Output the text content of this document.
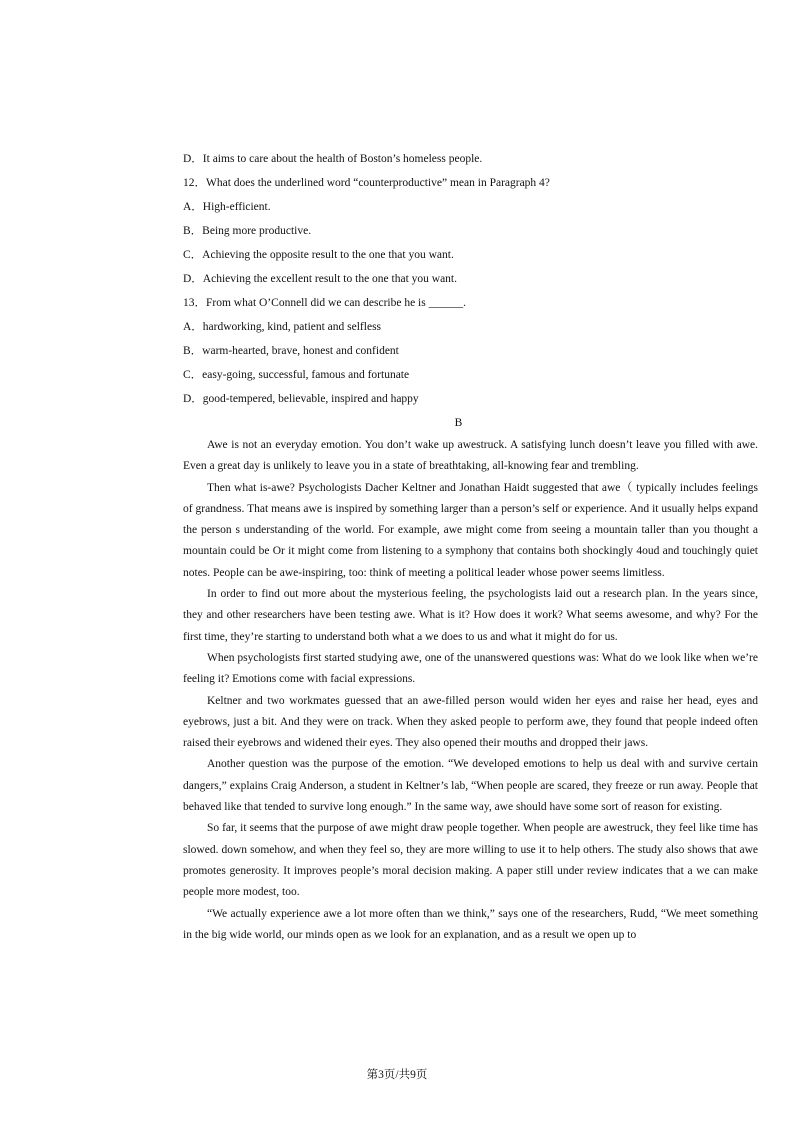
D．It aims to care about the health of Boston’s homeless people.
12．What does the underlined word “counterproductive” mean in Paragraph 4?
A．High-efficient.
B．Being more productive.
C．Achieving the opposite result to the one that you want.
D．Achieving the excellent result to the one that you want.
13．From what O’Connell did we can describe he is ______.
A．hardworking, kind, patient and selfless
B．warm-hearted, brave, honest and confident
C．easy-going, successful, famous and fortunate
D．good-tempered, believable, inspired and happy
B

Awe is not an everyday emotion. You don’t wake up awestruck. A satisfying lunch doesn’t leave you filled with awe. Even a great day is unlikely to leave you in a state of breathtaking, all-knowing fear and trembling.

Then what is-awe? Psychologists Dacher Keltner and Jonathan Haidt suggested that awe（ typically includes feelings of grandness. That means awe is inspired by something larger than a person’s self or experience. And it usually helps expand the person s understanding of the world. For example, awe might come from seeing a mountain taller than you thought a mountain could be Or it might come from listening to a symphony that contains both shockingly 4oud and touchingly quiet notes. People can be awe-inspiring, too: think of meeting a political leader whose power seems limitless.

In order to find out more about the mysterious feeling, the psychologists laid out a research plan. In the years since, they and other researchers have been testing awe. What is it? How does it work? What seems awesome, and why? For the first time, they’re starting to understand both what a we does to us and what it might do for us.

When psychologists first started studying awe, one of the unanswered questions was: What do we look like when we’re feeling it? Emotions come with facial expressions.

Keltner and two workmates guessed that an awe-filled person would widen her eyes and raise her head, eyes and eyebrows, just a bit. And they were on track. When they asked people to perform awe, they found that people indeed often raised their eyebrows and widened their eyes. They also opened their mouths and dropped their jaws.

Another question was the purpose of the emotion. “We developed emotions to help us deal with and survive certain dangers,” explains Craig Anderson, a student in Keltner’s lab, “When people are scared, they freeze or run away. People that behaved like that tended to survive long enough.” In the same way, awe should have some sort of reason for existing.

So far, it seems that the purpose of awe might draw people together. When people are awestruck, they feel like time has slowed. down somehow, and when they feel so, they are more willing to use it to help others. The study also shows that awe promotes generosity. It improves people’s moral decision making. A paper still under review indicates that a we can make people more modest, too.

“We actually experience awe a lot more often than we think,” says one of the researchers, Rudd, “We meet something in the big wide world, our minds open as we look for an explanation, and as a result we open up to

第3页/共9页
